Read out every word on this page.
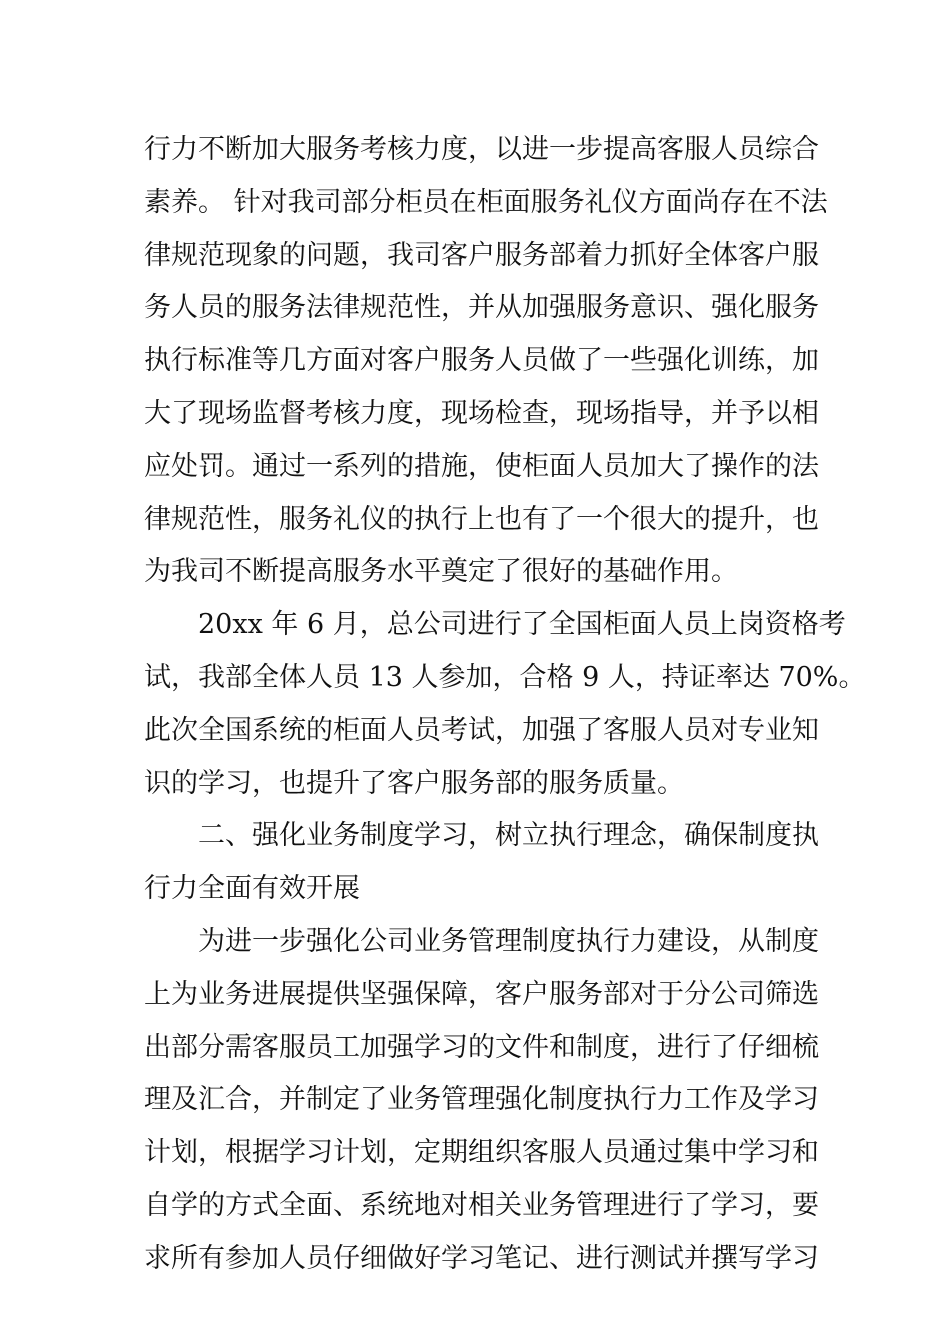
行力不断加大服务考核力度，以进一步提高客服人员综合
素养。 针对我司部分柜员在柜面服务礼仪方面尚存在不法
律规范现象的问题，我司客户服务部着力抓好全体客户服
务人员的服务法律规范性，并从加强服务意识、强化服务
执行标准等几方面对客户服务人员做了一些强化训练，加
大了现场监督考核力度，现场检查，现场指导，并予以相
应处罚。通过一系列的措施，使柜面人员加大了操作的法
律规范性，服务礼仪的执行上也有了一个很大的提升，也
为我司不断提高服务水平奠定了很好的基础作用。
20xx 年 6 月，总公司进行了全国柜面人员上岗资格考
试，我部全体人员 13 人参加，合格 9 人，持证率达 70%。
此次全国系统的柜面人员考试，加强了客服人员对专业知
识的学习，也提升了客户服务部的服务质量。
二、强化业务制度学习，树立执行理念，确保制度执
行力全面有效开展
为进一步强化公司业务管理制度执行力建设，从制度
上为业务进展提供坚强保障，客户服务部对于分公司筛选
出部分需客服员工加强学习的文件和制度，进行了仔细梳
理及汇合，并制定了业务管理强化制度执行力工作及学习
计划，根据学习计划，定期组织客服人员通过集中学习和
自学的方式全面、系统地对相关业务管理进行了学习，要
求所有参加人员仔细做好学习笔记、进行测试并撰写学习
